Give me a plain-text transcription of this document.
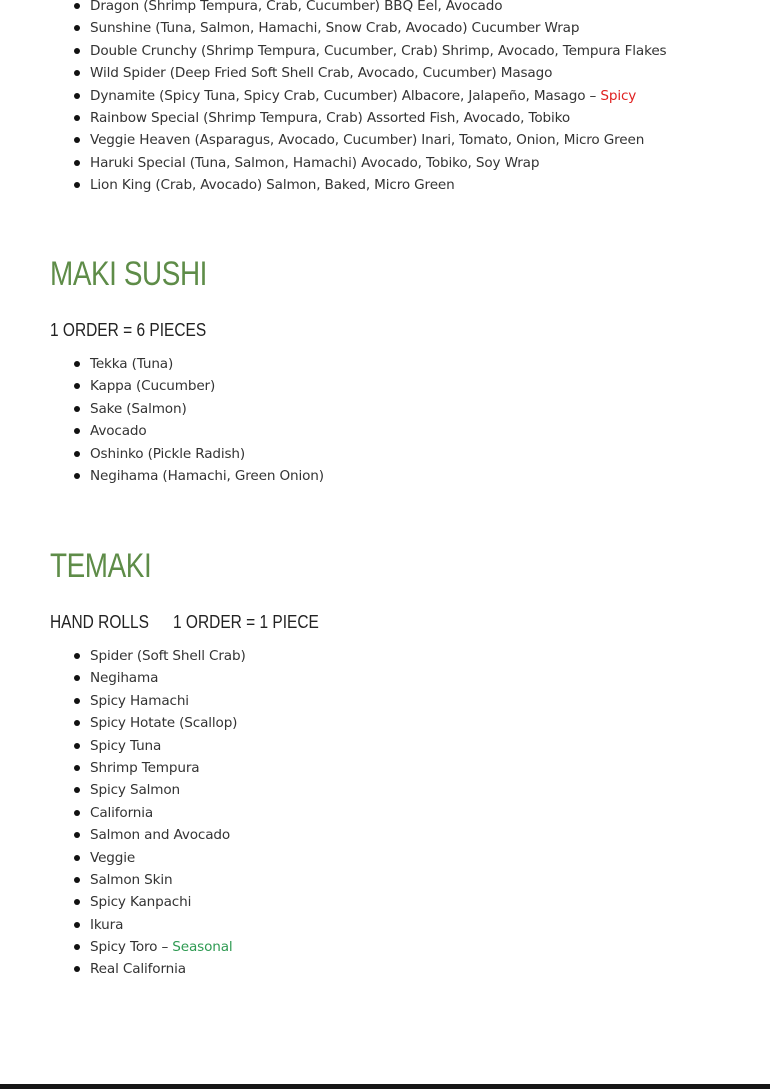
Dragon (Shrimp Tempura, Crab, Cucumber) BBQ Eel, Avocado
Sunshine (Tuna, Salmon, Hamachi, Snow Crab, Avocado) Cucumber Wrap
Double Crunchy (Shrimp Tempura, Cucumber, Crab) Shrimp, Avocado, Tempura Flakes
Wild Spider (Deep Fried Soft Shell Crab, Avocado, Cucumber) Masago
Dynamite (Spicy Tuna, Spicy Crab, Cucumber) Albacore, Jalapeño, Masago – Spicy
Rainbow Special (Shrimp Tempura, Crab) Assorted Fish, Avocado, Tobiko
Veggie Heaven (Asparagus, Avocado, Cucumber) Inari, Tomato, Onion, Micro Green
Haruki Special (Tuna, Salmon, Hamachi) Avocado, Tobiko, Soy Wrap
Lion King (Crab, Avocado) Salmon, Baked, Micro Green
MAKI SUSHI
1 ORDER = 6 PIECES
Tekka (Tuna)
Kappa (Cucumber)
Sake (Salmon)
Avocado
Oshinko (Pickle Radish)
Negihama (Hamachi, Green Onion)
TEMAKI
HAND ROLLS 1 ORDER = 1 PIECE
Spider (Soft Shell Crab)
Negihama
Spicy Hamachi
Spicy Hotate (Scallop)
Spicy Tuna
Shrimp Tempura
Spicy Salmon
California
Salmon and Avocado
Veggie
Salmon Skin
Spicy Kanpachi
Ikura
Spicy Toro – Seasonal
Real California
